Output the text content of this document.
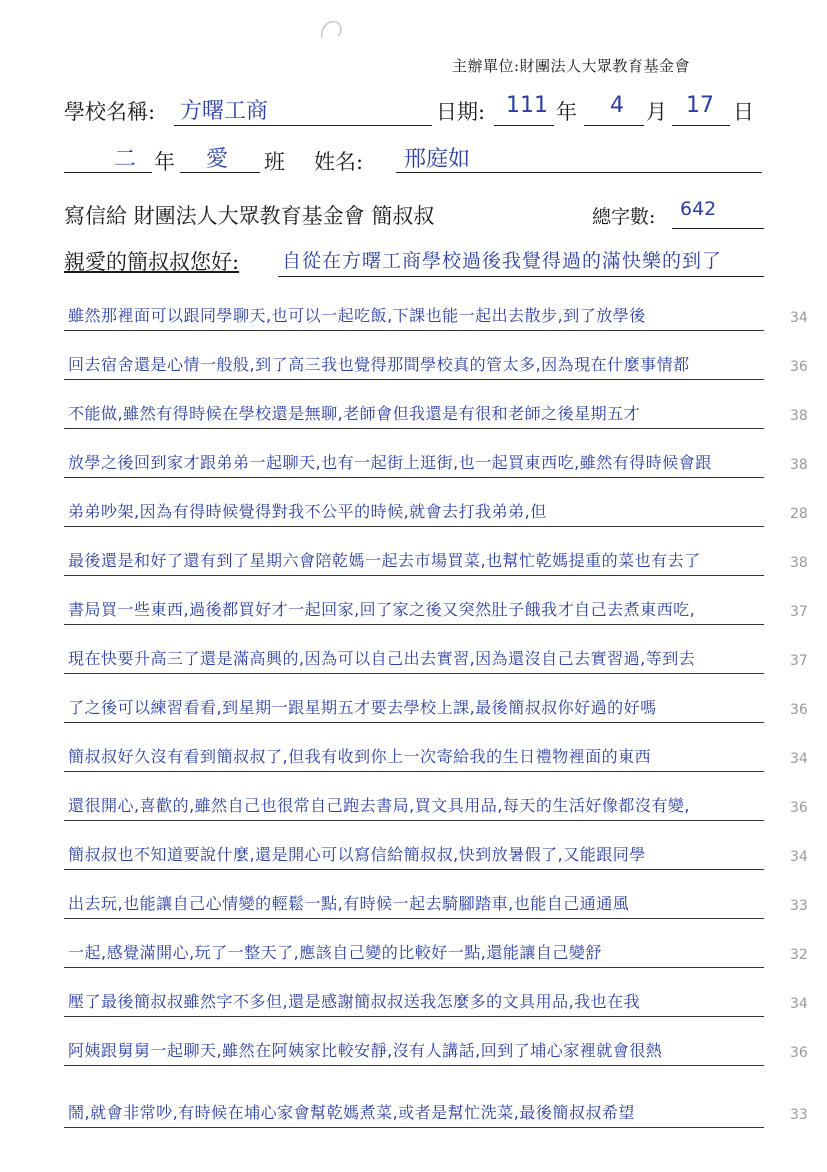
主辦單位:財團法人大眾教育基金會
學校名稱: 方曙工商	日期: 111 年 4 月 17 日
二 年 愛 班 姓名: 邢庭如
寫信給 財團法人大眾教育基金會 簡叔叔	總字數: 642
親愛的簡叔叔您好: 自從在方曙工商學校過後我覺得過的滿快樂的到了
雖然那裡面可以跟同學聊天,也可以一起吃飯,下課也能一起出去散步,到了放學後	34
回去宿舍還是心情一般般,到了高三我也覺得那間學校真的管太多,因為現在什麼事情都	36
不能做,雖然有得時候在學校還是無聊,老師會但我還是有很和老師之後星期五才	38
放學之後回到家才跟弟弟一起聊天,也有一起街上逛街,也一起買東西吃,雖然有得時候會跟	38
弟弟吵架,因為有得時候覺得對我不公平的時候,就會去打我弟弟,但	28
最後還是和好了還有到了星期六會陪乾媽一起去市場買菜,也幫忙乾媽提重的菜也有去了	38
書局買一些東西,過後都買好才一起回家,回了家之後又突然肚子餓我才自己去煮東西吃,	37
現在快要升高三了還是滿高興的,因為可以自己出去實習,因為還沒自己去實習過,等到去	37
了之後可以練習看看,到星期一跟星期五才要去學校上課,最後簡叔叔你好過的好嗎	36
簡叔叔好久沒有看到簡叔叔了,但我有收到你上一次寄給我的生日禮物裡面的東西	34
還很開心,喜歡的,雖然自己也很常自己跑去書局,買文具用品,每天的生活好像都沒有變,	36
簡叔叔也不知道要說什麼,還是開心可以寫信給簡叔叔,快到放暑假了,又能跟同學	34
出去玩,也能讓自己心情變的輕鬆一點,有時候一起去騎腳踏車,也能自己通通風	33
一起,感覺滿開心,玩了一整天了,應該自己變的比較好一點,還能讓自己變舒	32
壓了最後簡叔叔雖然字不多但,還是感謝簡叔叔送我怎麼多的文具用品,我也在我	34
阿姨跟舅舅一起聊天,雖然在阿姨家比較安靜,沒有人講話,回到了埔心家裡就會很熱	36
鬧,就會非常吵,有時候在埔心家會幫乾媽煮菜,或者是幫忙洗菜,最後簡叔叔希望	33
